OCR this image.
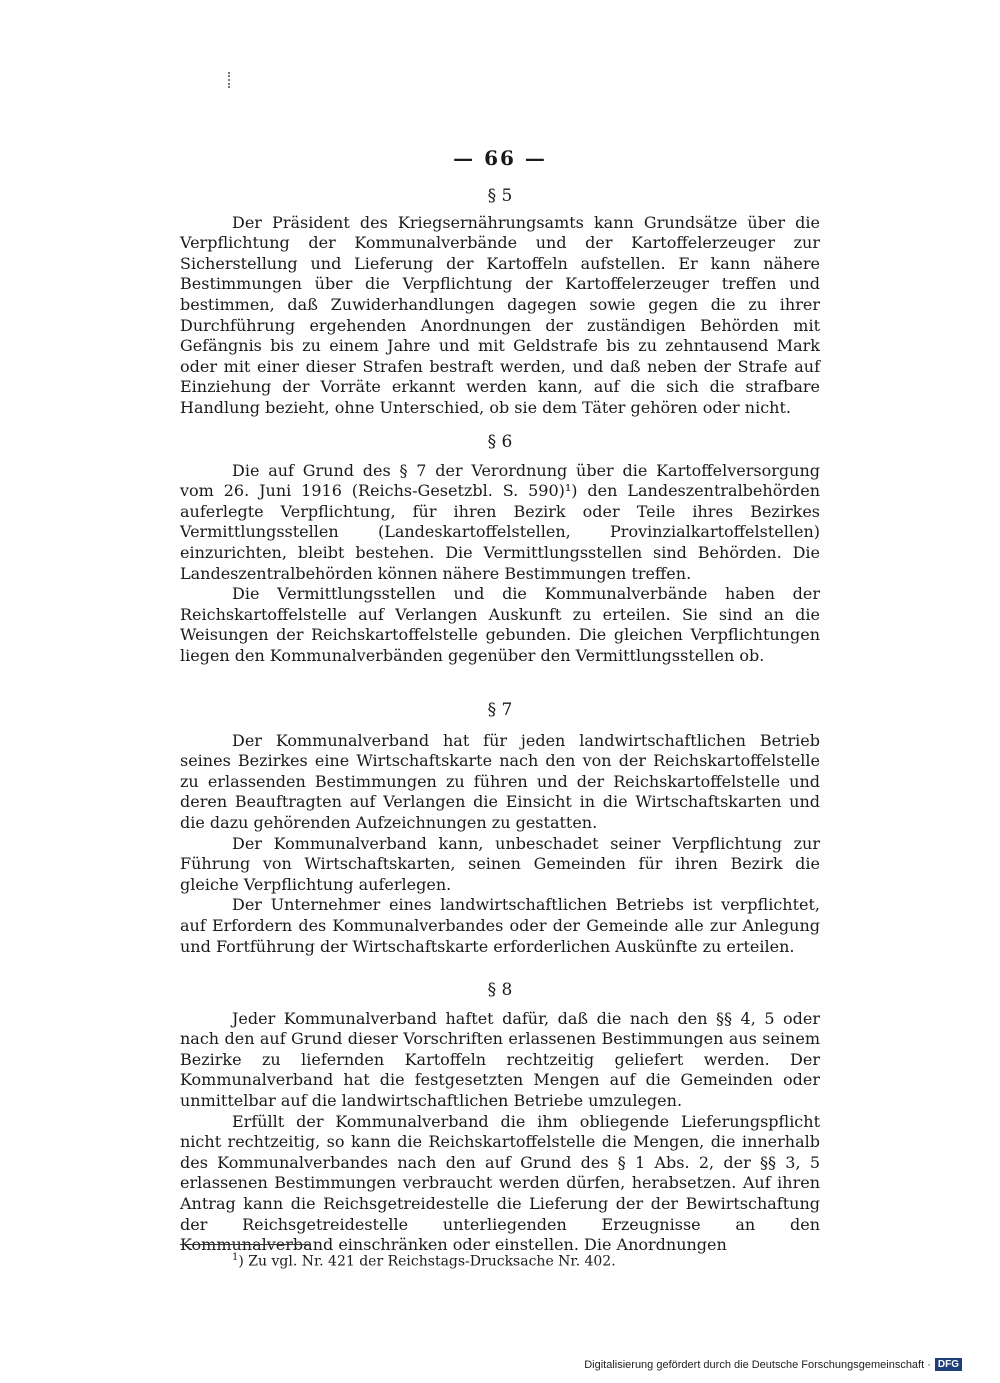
— 66 —

§ 5

Der Präsident des Kriegsernährungsamts kann Grundsätze über die Verpflichtung der Kommunalverbände und der Kartoffelerzeuger zur Sicherstellung und Lieferung der Kartoffeln aufstellen. Er kann nähere Bestimmungen über die Verpflichtung der Kartoffelerzeuger treffen und bestimmen, daß Zuwiderhandlungen dagegen sowie gegen die zu ihrer Durchführung ergehenden Anordnungen der zuständigen Behörden mit Gefängnis bis zu einem Jahre und mit Geldstrafe bis zu zehntausend Mark oder mit einer dieser Strafen bestraft werden, und daß neben der Strafe auf Einziehung der Vorräte erkannt werden kann, auf die sich die strafbare Handlung bezieht, ohne Unterschied, ob sie dem Täter gehören oder nicht.

§ 6

Die auf Grund des § 7 der Verordnung über die Kartoffelversorgung vom 26. Juni 1916 (Reichs-Gesetzbl. S. 590)¹) den Landeszentralbehörden auferlegte Verpflichtung, für ihren Bezirk oder Teile ihres Bezirkes Vermittlungsstellen (Landeskartoffelstellen, Provinzialkartoffelstellen) einzurichten, bleibt bestehen. Die Vermittlungsstellen sind Behörden. Die Landeszentralbehörden können nähere Bestimmungen treffen.

Die Vermittlungsstellen und die Kommunalverbände haben der Reichskartoffelstelle auf Verlangen Auskunft zu erteilen. Sie sind an die Weisungen der Reichskartoffelstelle gebunden. Die gleichen Verpflichtungen liegen den Kommunalverbänden gegenüber den Vermittlungsstellen ob.

§ 7

Der Kommunalverband hat für jeden landwirtschaftlichen Betrieb seines Bezirkes eine Wirtschaftskarte nach den von der Reichskartoffelstelle zu erlassenden Bestimmungen zu führen und der Reichskartoffelstelle und deren Beauftragten auf Verlangen die Einsicht in die Wirtschaftskarten und die dazu gehörenden Aufzeichnungen zu gestatten.

Der Kommunalverband kann, unbeschadet seiner Verpflichtung zur Führung von Wirtschaftskarten, seinen Gemeinden für ihren Bezirk die gleiche Verpflichtung auferlegen.

Der Unternehmer eines landwirtschaftlichen Betriebs ist verpflichtet, auf Erfordern des Kommunalverbandes oder der Gemeinde alle zur Anlegung und Fortführung der Wirtschaftskarte erforderlichen Auskünfte zu erteilen.

§ 8

Jeder Kommunalverband haftet dafür, daß die nach den §§ 4, 5 oder nach den auf Grund dieser Vorschriften erlassenen Bestimmungen aus seinem Bezirke zu liefernden Kartoffeln rechtzeitig geliefert werden. Der Kommunalverband hat die festgesetzten Mengen auf die Gemeinden oder unmittelbar auf die landwirtschaftlichen Betriebe umzulegen.

Erfüllt der Kommunalverband die ihm obliegende Lieferungspflicht nicht rechtzeitig, so kann die Reichskartoffelstelle die Mengen, die innerhalb des Kommunalverbandes nach den auf Grund des § 1 Abs. 2, der §§ 3, 5 erlassenen Bestimmungen verbraucht werden dürfen, herabsetzen. Auf ihren Antrag kann die Reichsgetreidestelle die Lieferung der der Bewirtschaftung der Reichsgetreidestelle unterliegenden Erzeugnisse an den Kommunalverband einschränken oder einstellen. Die Anordnungen

$^1$) Zu vgl. Nr. 421 der Reichstags-Drucksache Nr. 402.
Digitalisierung gefördert durch die Deutsche Forschungsgemeinschaft · DFG
